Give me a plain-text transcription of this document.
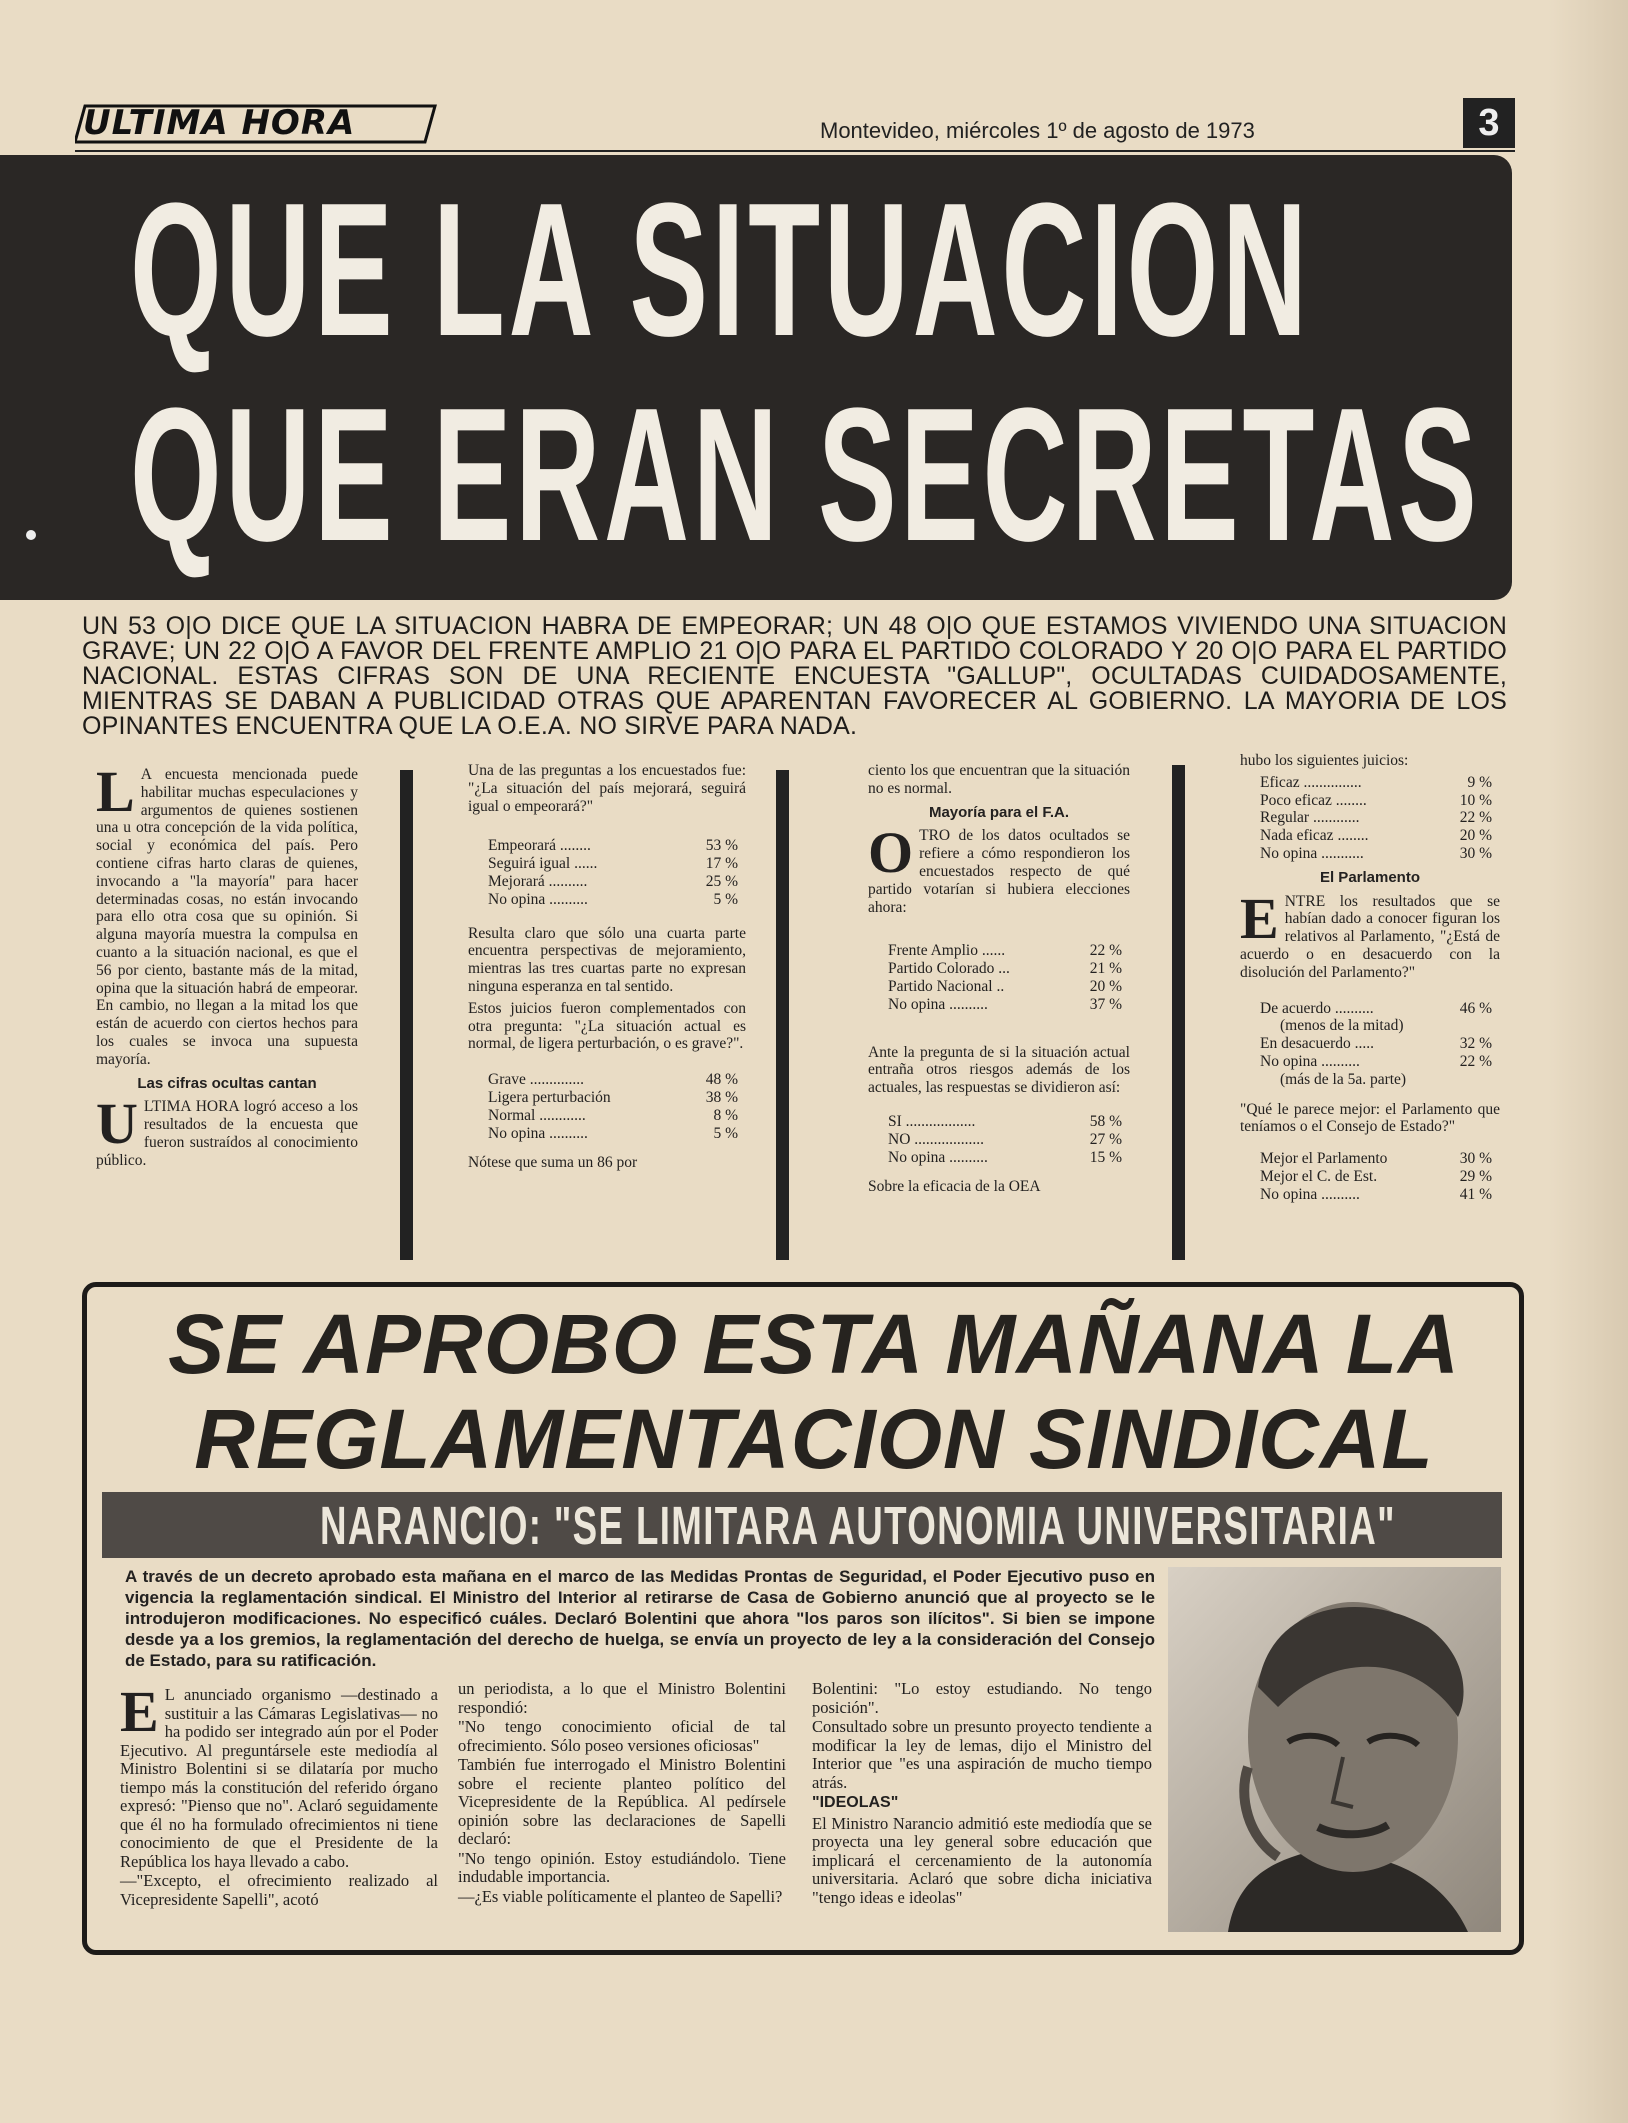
ULTIMA HORA	Montevideo, miércoles 1º de agosto de 1973	3
QUE LA SITUACION
QUE ERAN SECRETAS
UN 53 O|O DICE QUE LA SITUACION HABRA DE EMPEORAR; UN 48 O|O QUE ESTAMOS VIVIENDO UNA SITUACION GRAVE; UN 22 O|O A FAVOR DEL FRENTE AMPLIO 21 O|O PARA EL PARTIDO COLORADO Y 20 O|O PARA EL PARTIDO NACIONAL. ESTAS CIFRAS SON DE UNA RECIENTE ENCUESTA "GALLUP", OCULTADAS CUIDADOSAMENTE, MIENTRAS SE DABAN A PUBLICIDAD OTRAS QUE APARENTAN FAVORECER AL GOBIERNO. LA MAYORIA DE LOS OPINANTES ENCUENTRA QUE LA O.E.A. NO SIRVE PARA NADA.

L A encuesta mencionada puede habilitar muchas especulaciones y argumentos de quienes sostienen una u otra concepción de la vida política, social y económica del país. Pero contiene cifras harto claras de quienes, invocando a "la mayoría" para hacer determinadas cosas, no están invocando para ello otra cosa que su opinión. Si alguna mayoría muestra la compulsa en cuanto a la situación nacional, es que el 56 por ciento, bastante más de la mitad, opina que la situación habrá de empeorar. En cambio, no llegan a la mitad los que están de acuerdo con ciertos hechos para los cuales se invoca una supuesta mayoría.

Las cifras ocultas cantan

ULTIMA HORA logró acceso a los resultados de la encuesta que fueron sustraídos al conocimiento público.

Una de las preguntas a los encuestados fue: "¿La situación del país mejorará, seguirá igual o empeorará?"

Empeorará ........	53 %
Seguirá igual ......	17 %
Mejorará ..........	25 %
No opina ..........	5 %

Resulta claro que sólo una cuarta parte encuentra perspectivas de mejoramiento, mientras las tres cuartas parte no expresan ninguna esperanza en tal sentido.

Estos juicios fueron complementados con otra pregunta: "¿La situación actual es normal, de ligera perturbación, o es grave?".

Grave ..............	48 %
Ligera perturbación	38 %
Normal ............	8 %
No opina ..........	5 %

Nótese que suma un 86 por

ciento los que encuentran que la situación no es normal.

Mayoría para el F.A.

OTRO de los datos ocultados se refiere a cómo respondieron los encuestados respecto de qué partido votarían si hubiera elecciones ahora:

Frente Amplio ......	22 %
Partido Colorado ...	21 %
Partido Nacional ..	20 %
No opina ..........	37 %

Ante la pregunta de si la situación actual entraña otros riesgos además de los actuales, las respuestas se dividieron así:

SI ..................	58 %
NO ..................	27 %
No opina ..........	15 %

Sobre la eficacia de la OEA

hubo los siguientes juicios:

Eficaz ...............	9 %
Poco eficaz ........	10 %
Regular ............	22 %
Nada eficaz ........	20 %
No opina ...........	30 %
El Parlamento

ENTRE los resultados que se habían dado a conocer figuran los relativos al Parlamento, "¿Está de acuerdo o en desacuerdo con la disolución del Parlamento?"

De acuerdo ..........	46 %
(menos de la mitad)
En desacuerdo .....	32 %
No opina ..........	22 %
(más de la 5a. parte)

"Qué le parece mejor: el Parlamento que teníamos o el Consejo de Estado?"

Mejor el Parlamento	30 %
Mejor el C. de Est.	29 %
No opina ..........	41 %
SE APROBO ESTA MAÑANA LA
REGLAMENTACION SINDICAL
NARANCIO: "SE LIMITARA AUTONOMIA UNIVERSITARIA"
A través de un decreto aprobado esta mañana en el marco de las Medidas Prontas de Seguridad, el Poder Ejecutivo puso en vigencia la reglamentación sindical. El Ministro del Interior al retirarse de Casa de Gobierno anunció que al proyecto se le introdujeron modificaciones. No especificó cuáles. Declaró Bolentini que ahora "los paros son ilícitos". Si bien se impone desde ya a los gremios, la reglamentación del derecho de huelga, se envía un proyecto de ley a la consideración del Consejo de Estado, para su ratificación.

E L anunciado organismo —destinado a sustituir a las Cámaras Legislativas— no ha podido ser integrado aún por el Poder Ejecutivo. Al preguntársele este mediodía al Ministro Bolentini si se dilataría por mucho tiempo más la constitución del referido órgano expresó: "Pienso que no". Aclaró seguidamente que él no ha formulado ofrecimientos ni tiene conocimiento de que el Presidente de la República los haya llevado a cabo.

—"Excepto, el ofrecimiento realizado al Vicepresidente Sapelli", acotó

un periodista, a lo que el Ministro Bolentini respondió:

"No tengo conocimiento oficial de tal ofrecimiento. Sólo poseo versiones oficiosas"

También fue interrogado el Ministro Bolentini sobre el reciente planteo político del Vicepresidente de la República. Al pedírsele opinión sobre las declaraciones de Sapelli declaró:

"No tengo opinión. Estoy estudiándolo. Tiene indudable importancia.

—¿Es viable políticamente el planteo de Sapelli?

Bolentini: "Lo estoy estudiando. No tengo posición".

Consultado sobre un presunto proyecto tendiente a modificar la ley de lemas, dijo el Ministro del Interior que "es una aspiración de mucho tiempo atrás.

"IDEOLAS"

El Ministro Narancio admitió este mediodía que se proyecta una ley general sobre educación que implicará el cercenamiento de la autonomía universitaria. Aclaró que sobre dicha iniciativa "tengo ideas e ideolas"
